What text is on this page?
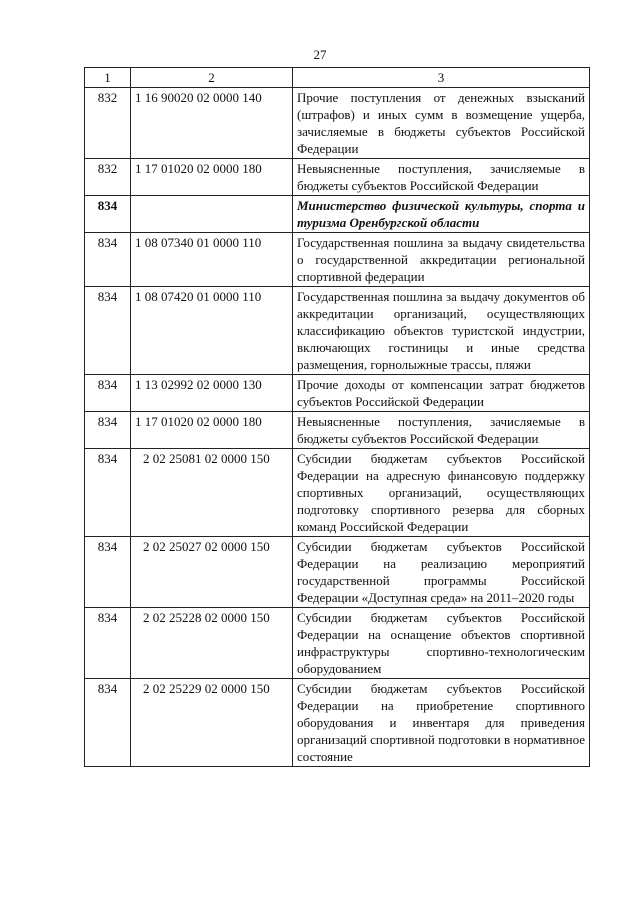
27
1	2	3
832	1 16 90020 02 0000 140	Прочие поступления от денежных взысканий (штрафов) и иных сумм в возмещение ущерба, зачисляемые в бюджеты субъектов Российской Федерации
832	1 17 01020 02 0000 180	Невыясненные поступления, зачисляемые в бюджеты субъектов Российской Федерации
834		Министерство физической культуры, спорта и туризма Оренбургской области
834	1 08 07340 01 0000 110	Государственная пошлина за выдачу свидетельства о государственной аккредитации региональной спортивной федерации
834	1 08 07420 01 0000 110	Государственная пошлина за выдачу документов об аккредитации организаций, осуществляющих классификацию объектов туристской индустрии, включающих гостиницы и иные средства размещения, горнолыжные трассы, пляжи
834	1 13 02992 02 0000 130	Прочие доходы от компенсации затрат бюджетов субъектов Российской Федерации
834	1 17 01020 02 0000 180	Невыясненные поступления, зачисляемые в бюджеты субъектов Российской Федерации
834	2 02 25081 02 0000 150	Субсидии бюджетам субъектов Российской Федерации на адресную финансовую поддержку спортивных организаций, осуществляющих подготовку спортивного резерва для сборных команд Российской Федерации
834	2 02 25027 02 0000 150	Субсидии бюджетам субъектов Российской Федерации на реализацию мероприятий государственной программы Российской Федерации «Доступная среда» на 2011–2020 годы
834	2 02 25228 02 0000 150	Субсидии бюджетам субъектов Российской Федерации на оснащение объектов спортивной инфраструктуры спортивно-технологическим оборудованием
834	2 02 25229 02 0000 150	Субсидии бюджетам субъектов Российской Федерации на приобретение спортивного оборудования и инвентаря для приведения организаций спортивной подготовки в нормативное состояние
